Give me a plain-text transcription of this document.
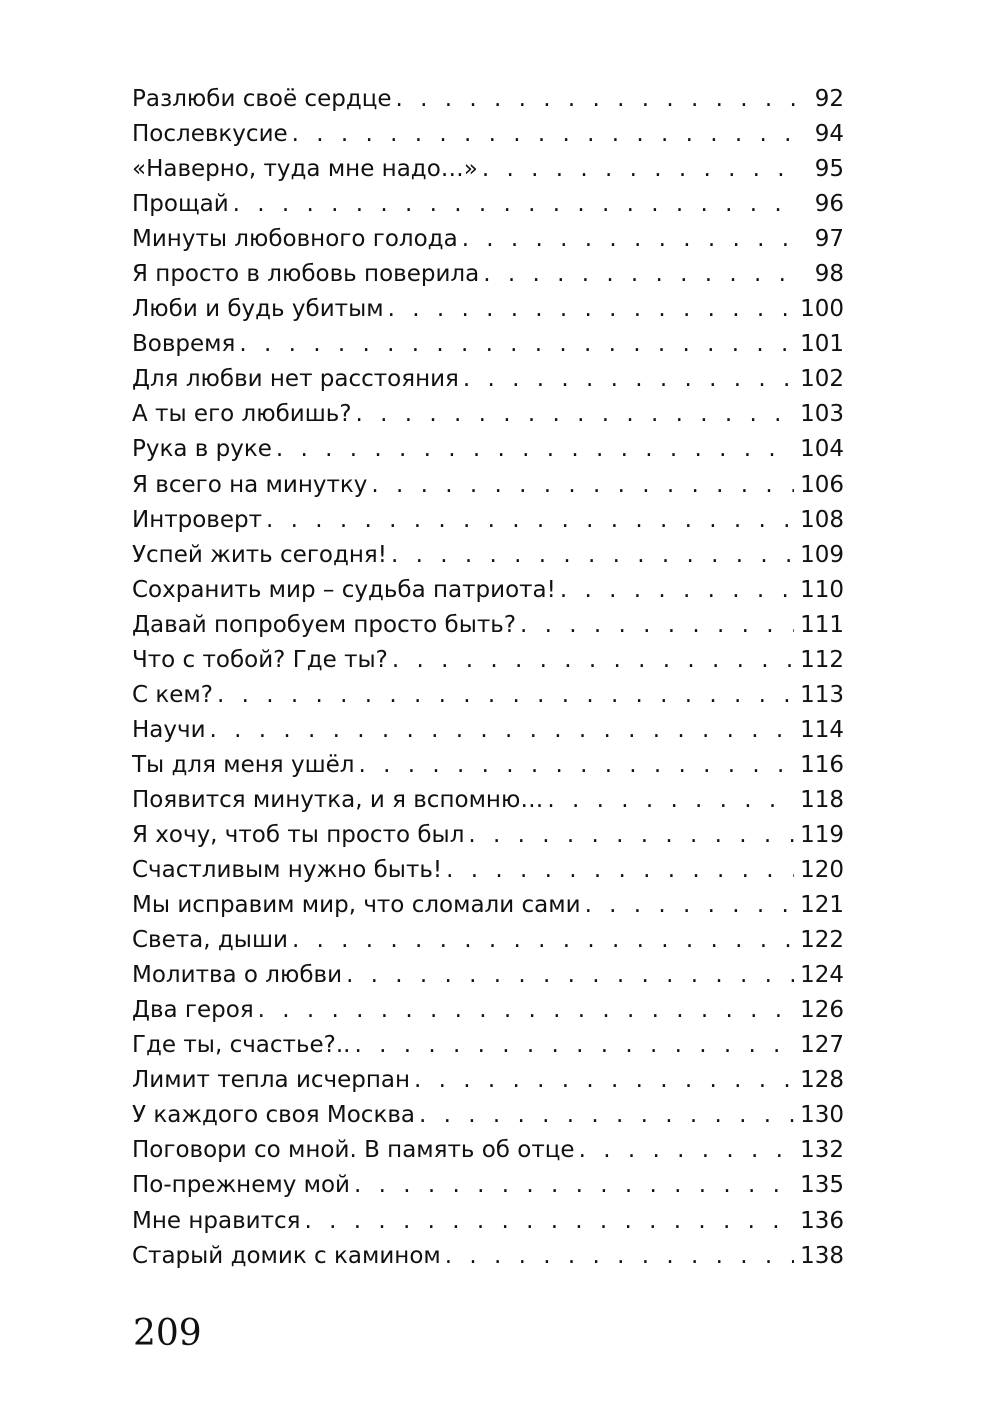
Разлюби своё сердце . . .	92
Послевкусие . . .	94
«Наверно, туда мне надо…» . . .	95
Прощай . . .	96
Минуты любовного голода . . .	97
Я просто в любовь поверила . . .	98
Люби и будь убитым . . .	100
Вовремя . . .	101
Для любви нет расстояния . . .	102
А ты его любишь? . . .	103
Рука в руке . . .	104
Я всего на минутку . . .	106
Интроверт . . .	108
Успей жить сегодня! . . .	109
Сохранить мир – судьба патриота! . . .	110
Давай попробуем просто быть? . . .	111
Что с тобой? Где ты? . . .	112
С кем? . . .	113
Научи . . .	114
Ты для меня ушёл . . .	116
Появится минутка, и я вспомню… . . .	118
Я хочу, чтоб ты просто был . . .	119
Счастливым нужно быть! . . .	120
Мы исправим мир, что сломали сами . . .	121
Света, дыши . . .	122
Молитва о любви . . .	124
Два героя . . .	126
Где ты, счастье?.. . . .	127
Лимит тепла исчерпан . . .	128
У каждого своя Москва . . .	130
Поговори со мной. В память об отце . . .	132
По-прежнему мой . . .	135
Мне нравится . . .	136
Старый домик с камином . . .	138
209
